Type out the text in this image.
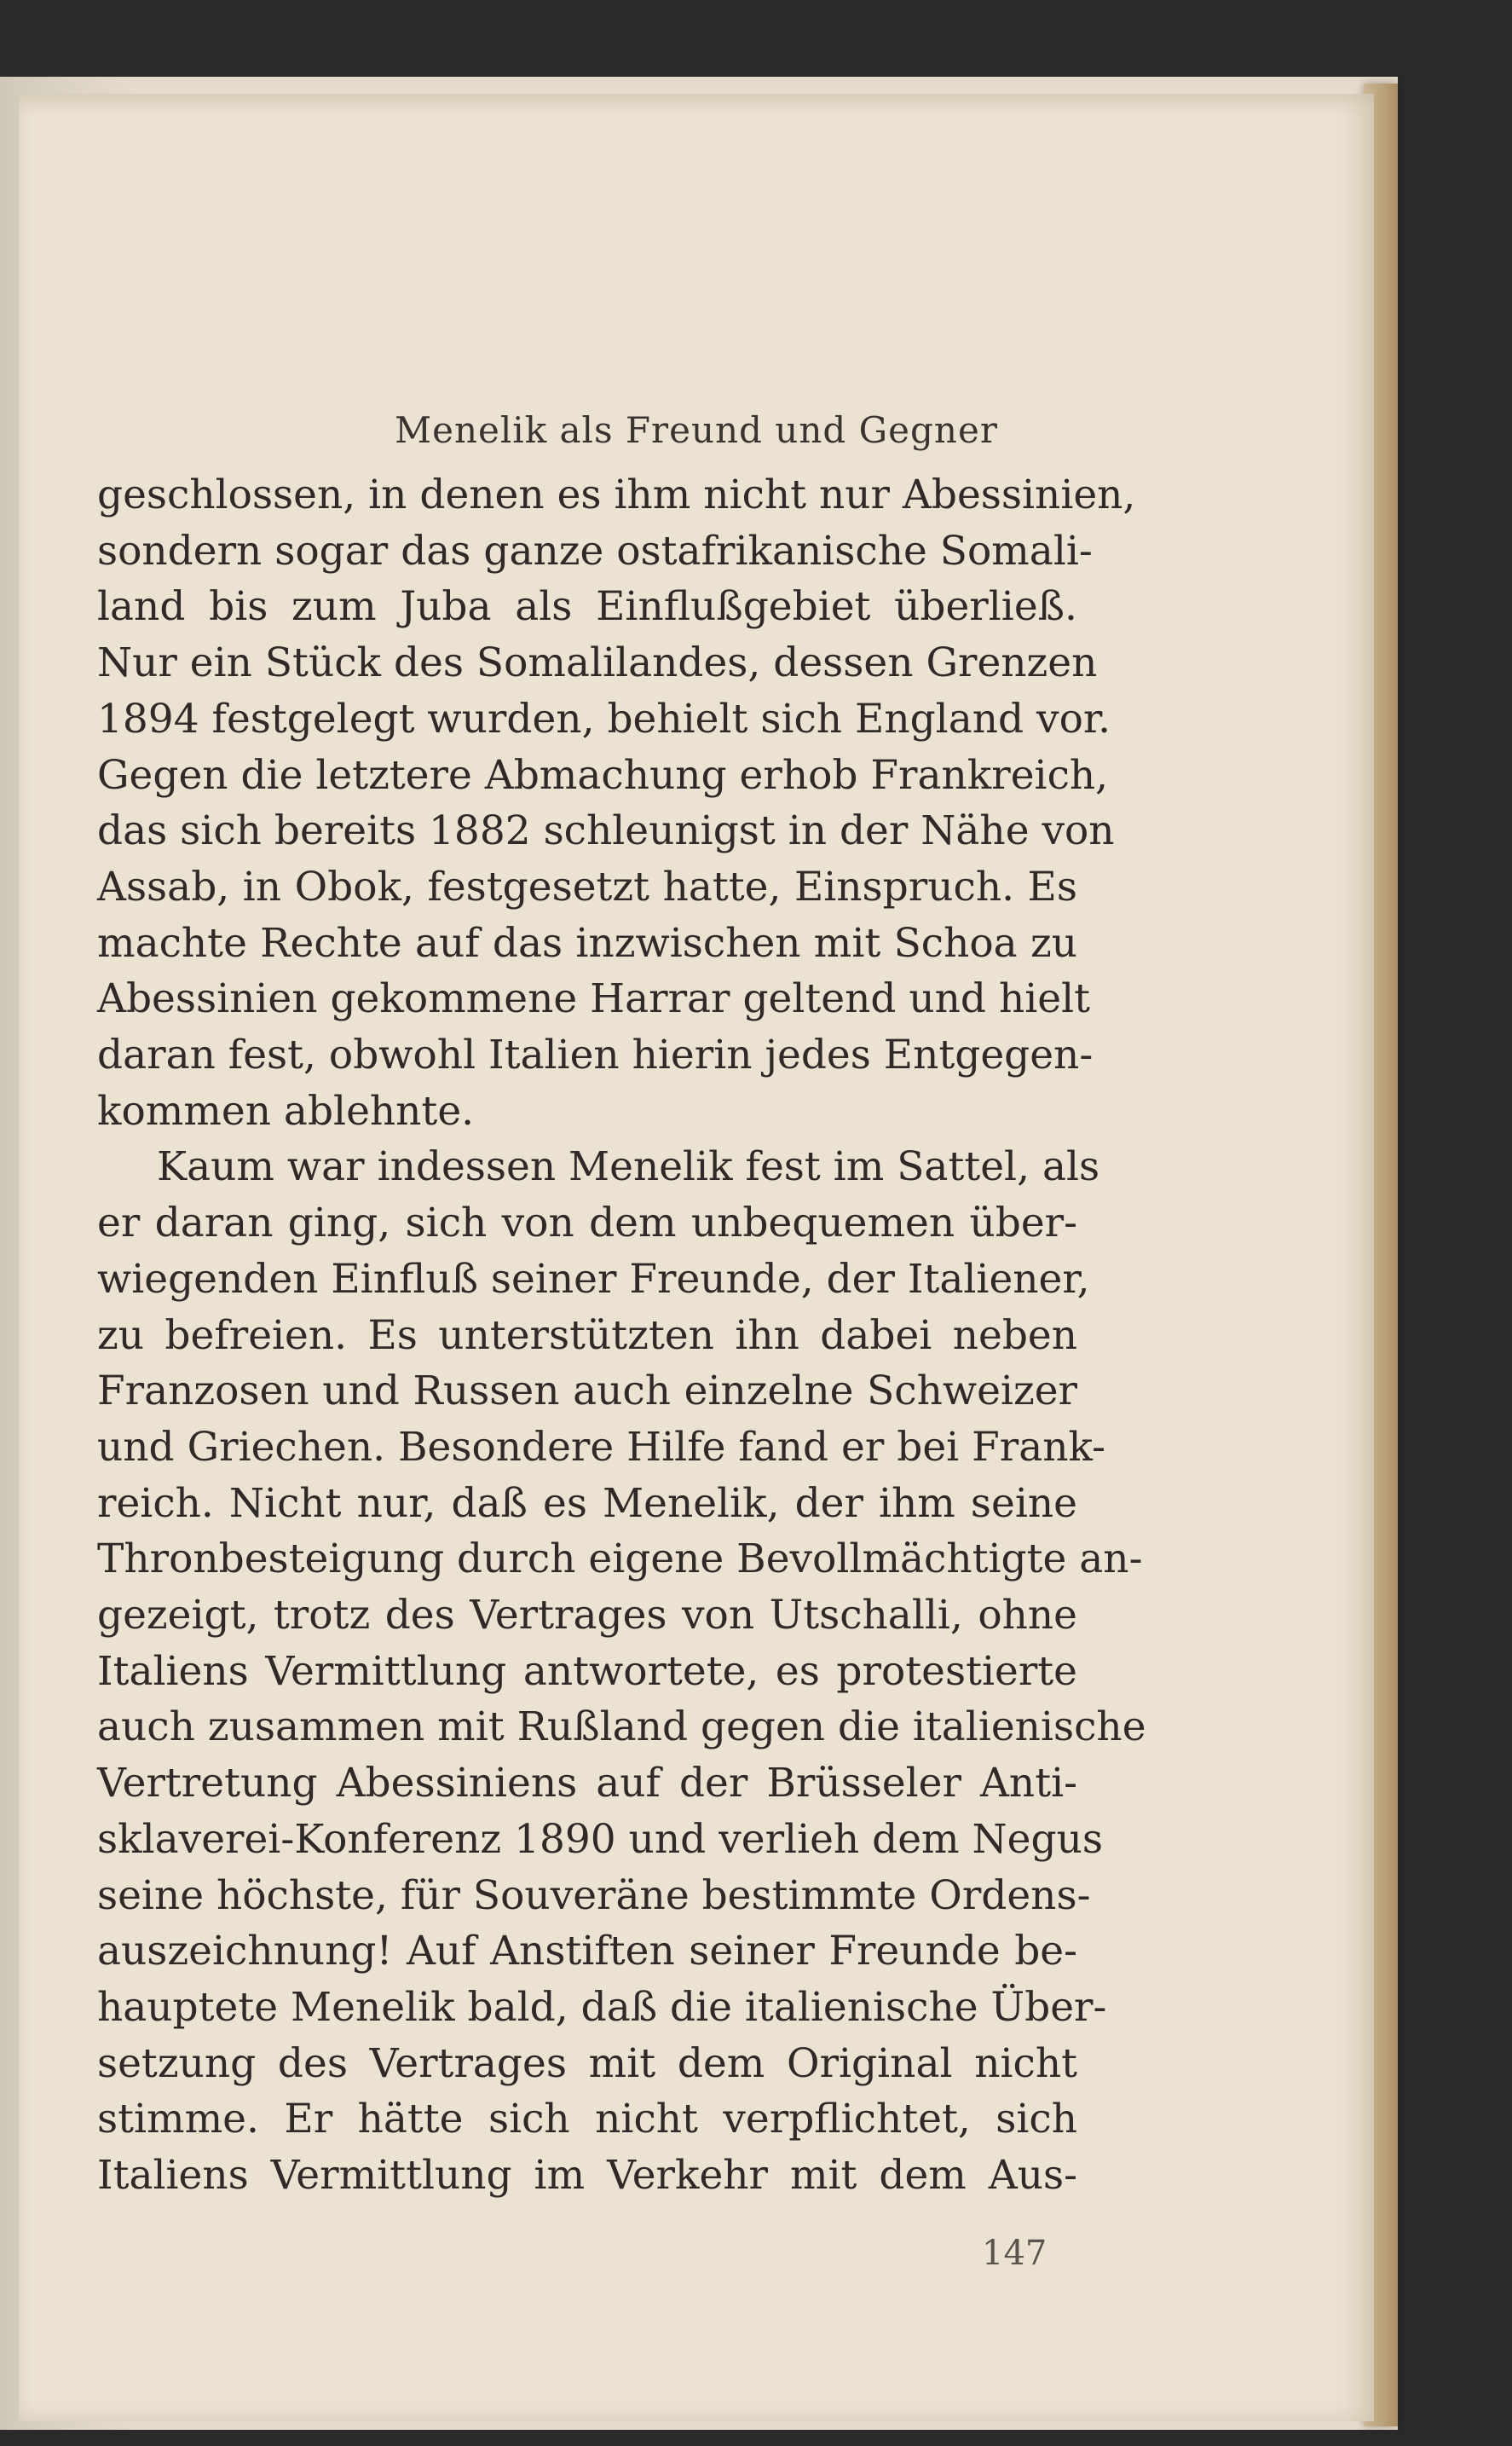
Menelik als Freund und Gegner
geschlossen, in denen es ihm nicht nur Abessinien,
sondern sogar das ganze ostafrikanische Somali-
land bis zum Juba als Einflußgebiet überließ.
Nur ein Stück des Somalilandes, dessen Grenzen
1894 festgelegt wurden, behielt sich England vor.
Gegen die letztere Abmachung erhob Frankreich,
das sich bereits 1882 schleunigst in der Nähe von
Assab, in Obok, festgesetzt hatte, Einspruch. Es
machte Rechte auf das inzwischen mit Schoa zu
Abessinien gekommene Harrar geltend und hielt
daran fest, obwohl Italien hierin jedes Entgegen-
kommen ablehnte.
Kaum war indessen Menelik fest im Sattel, als
er daran ging, sich von dem unbequemen über-
wiegenden Einfluß seiner Freunde, der Italiener,
zu befreien. Es unterstützten ihn dabei neben
Franzosen und Russen auch einzelne Schweizer
und Griechen. Besondere Hilfe fand er bei Frank-
reich. Nicht nur, daß es Menelik, der ihm seine
Thronbesteigung durch eigene Bevollmächtigte an-
gezeigt, trotz des Vertrages von Utschalli, ohne
Italiens Vermittlung antwortete, es protestierte
auch zusammen mit Rußland gegen die italienische
Vertretung Abessiniens auf der Brüsseler Anti-
sklaverei-Konferenz 1890 und verlieh dem Negus
seine höchste, für Souveräne bestimmte Ordens-
auszeichnung! Auf Anstiften seiner Freunde be-
hauptete Menelik bald, daß die italienische Über-
setzung des Vertrages mit dem Original nicht
stimme. Er hätte sich nicht verpflichtet, sich
Italiens Vermittlung im Verkehr mit dem Aus-
147
